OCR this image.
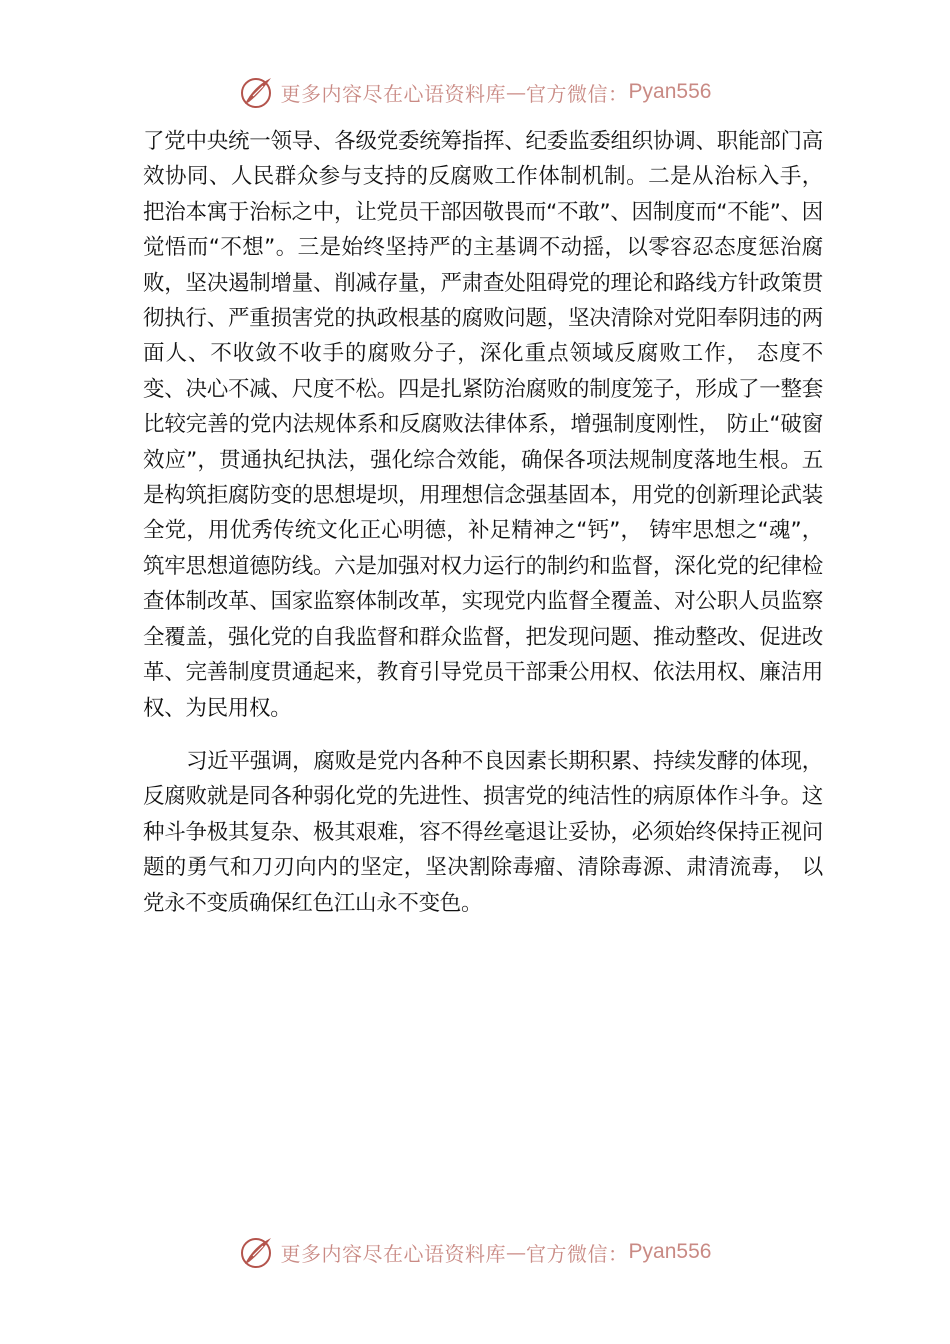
更多内容尽在心语资料库 — 官方微信： Pyan556

了党中央统一领导、各级党委统筹指挥、纪委监委组织协调、职能部门高效协同、人民群众参与支持的反腐败工作体制机制。二是从治标入手， 把治本寓于治标之中，让党员干部因敬畏而“不敢”、因制度而“不能”、因觉悟而“不想”。三是始终坚持严的主基调不动摇，以零容忍态度惩治腐败，坚决遏制增量、削减存量，严肃查处阻碍党的理论和路线方针政策贯彻执行、严重损害党的执政根基的腐败问题，坚决清除对党阳奉阴违的两面人、不收敛不收手的腐败分子，深化重点领域反腐败工作， 态度不变、决心不减、尺度不松。四是扎紧防治腐败的制度笼子，形成了一整套比较完善的党内法规体系和反腐败法律体系，增强制度刚性， 防止“破窗效应”，贯通执纪执法，强化综合效能，确保各项法规制度落地生根。五是构筑拒腐防变的思想堤坝，用理想信念强基固本，用党的创新理论武装全党，用优秀传统文化正心明德，补足精神之“钙”， 铸牢思想之“魂”，筑牢思想道德防线。六是加强对权力运行的制约和监督，深化党的纪律检查体制改革、国家监察体制改革，实现党内监督全覆盖、对公职人员监察全覆盖，强化党的自我监督和群众监督，把发现问题、推动整改、促进改革、完善制度贯通起来，教育引导党员干部秉公用权、依法用权、廉洁用权、为民用权。

习近平强调，腐败是党内各种不良因素长期积累、持续发酵的体现， 反腐败就是同各种弱化党的先进性、损害党的纯洁性的病原体作斗争。这种斗争极其复杂、极其艰难，容不得丝毫退让妥协，必须始终保持正视问题的勇气和刀刃向内的坚定，坚决割除毒瘤、清除毒源、肃清流毒， 以党永不变质确保红色江山永不变色。

更多内容尽在心语资料库 — 官方微信： Pyan556
